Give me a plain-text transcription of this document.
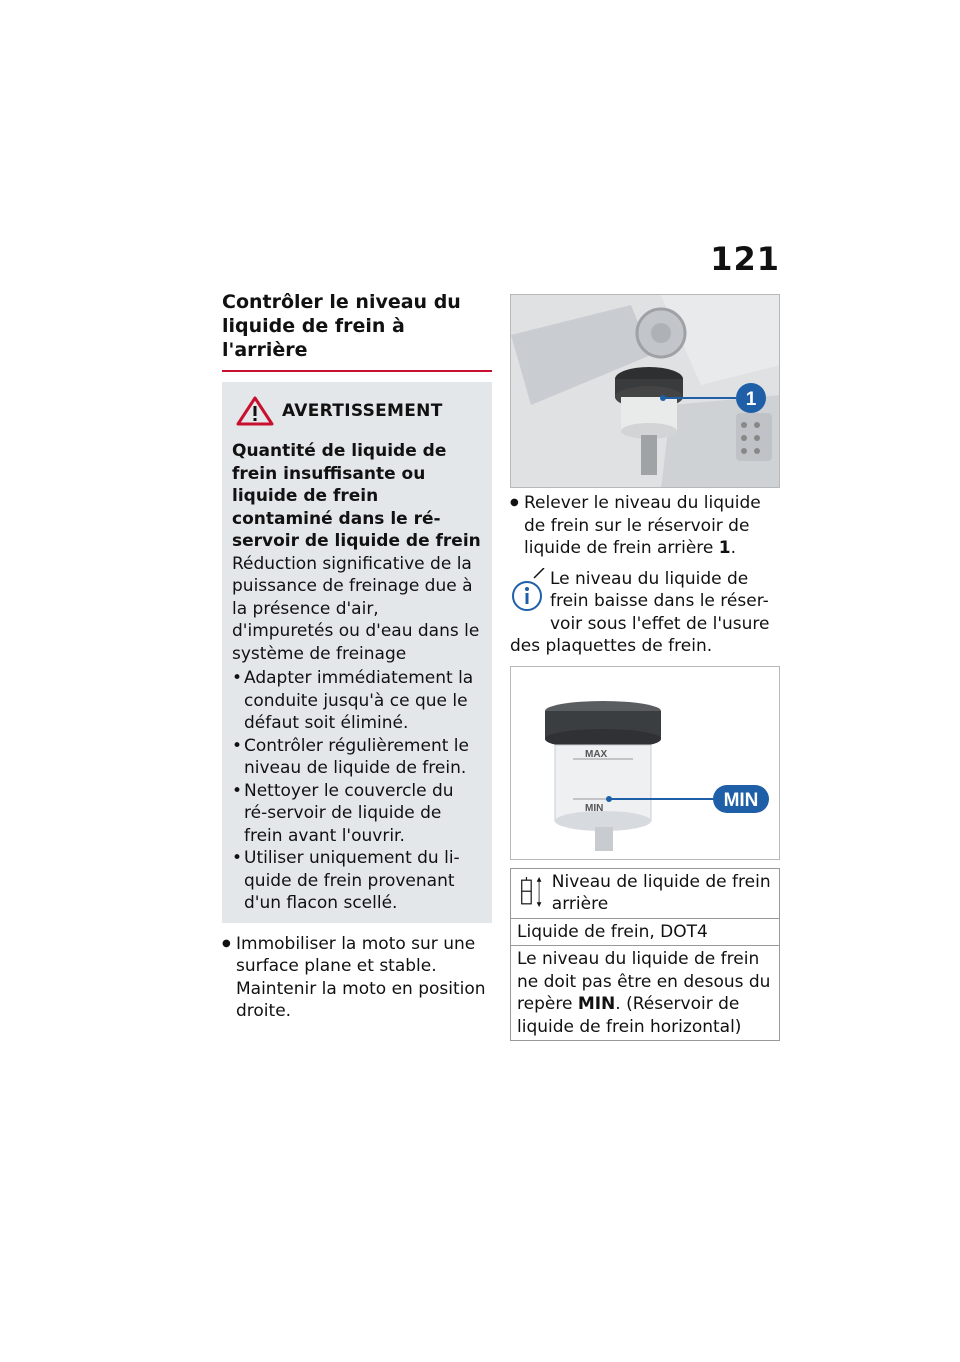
121
Contrôler le niveau du liquide de frein à l'arrière
AVERTISSEMENT

Quantité de liquide de frein insuffisante ou liquide de frein contaminé dans le ré-servoir de liquide de frein

Réduction significative de la puissance de freinage due à la présence d'air, d'impuretés ou d'eau dans le système de freinage

• Adapter immédiatement la conduite jusqu'à ce que le défaut soit éliminé.
• Contrôler régulièrement le niveau de liquide de frein.
• Nettoyer le couvercle du ré-servoir de liquide de frein avant l'ouvrir.
• Utiliser uniquement du li-quide de frein provenant d'un flacon scellé.
● Immobiliser la moto sur une surface plane et stable. Maintenir la moto en position droite.
1
● Relever le niveau du liquide de frein sur le réservoir de liquide de frein arrière 1.
Le niveau du liquide de frein baisse dans le réser-voir sous l'effet de l'usure des plaquettes de frein.
MAX
MIN	MIN
Niveau de liquide de frein arrière

Liquide de frein, DOT4
Le niveau du liquide de frein ne doit pas être en desous du repère MIN. (Réservoir de liquide de frein horizontal)
